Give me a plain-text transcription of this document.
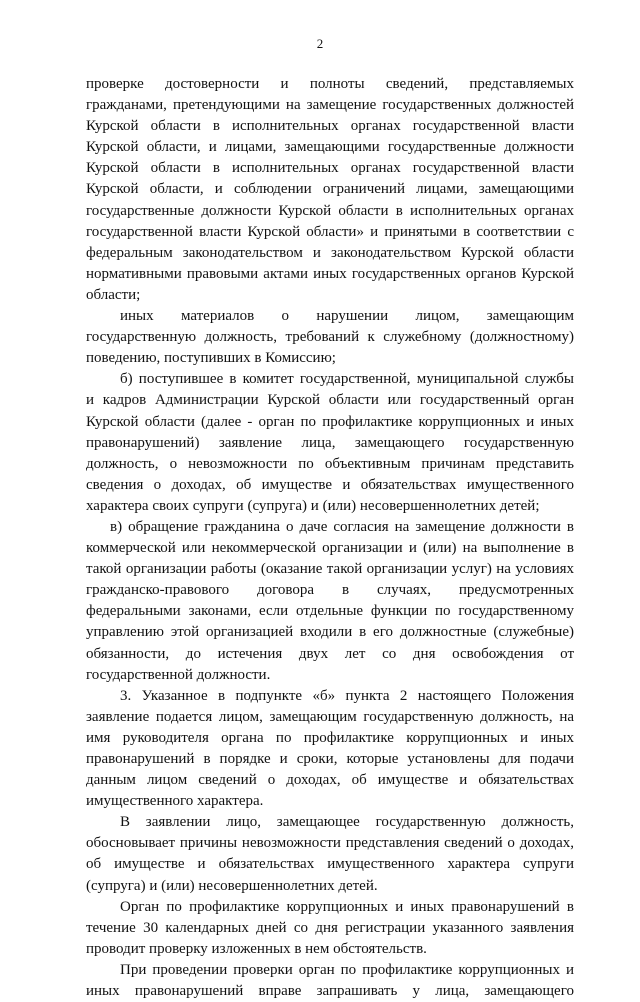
2
проверке достоверности и полноты сведений, представляемых
гражданами, претендующими на замещение государственных должностей
Курской области в исполнительных органах государственной власти
Курской области, и лицами, замещающими государственные должности
Курской области в исполнительных органах государственной власти
Курской области, и соблюдении ограничений лицами, замещающими
государственные должности Курской области в исполнительных органах
государственной власти Курской области» и принятыми в соответствии с
федеральным законодательством и законодательством Курской области
нормативными правовыми актами иных государственных органов Курской
области;
иных материалов о нарушении лицом, замещающим
государственную должность, требований к служебному (должностному)
поведению, поступивших в Комиссию;
б) поступившее в комитет государственной, муниципальной службы
и кадров Администрации Курской области или государственный орган
Курской области (далее - орган по профилактике коррупционных и иных
правонарушений) заявление лица, замещающего государственную
должность, о невозможности по объективным причинам представить
сведения о доходах, об имуществе и обязательствах имущественного
характера своих супруги (супруга) и (или) несовершеннолетних детей;
в) обращение гражданина о даче согласия на замещение должности в
коммерческой или некоммерческой организации и (или) на выполнение в
такой организации работы (оказание такой организации услуг) на условиях
гражданско-правового договора в случаях, предусмотренных
федеральными законами, если отдельные функции по государственному
управлению этой организацией входили в его должностные (служебные)
обязанности, до истечения двух лет со дня освобождения от
государственной должности.
3. Указанное в подпункте «б» пункта 2 настоящего Положения
заявление подается лицом, замещающим государственную должность, на
имя руководителя органа по профилактике коррупционных и иных
правонарушений в порядке и сроки, которые установлены для подачи
данным лицом сведений о доходах, об имуществе и обязательствах
имущественного характера.
В заявлении лицо, замещающее государственную должность,
обосновывает причины невозможности представления сведений о доходах,
об имуществе и обязательствах имущественного характера супруги
(супруга) и (или) несовершеннолетних детей.
Орган по профилактике коррупционных и иных правонарушений в
течение 30 календарных дней со дня регистрации указанного заявления
проводит проверку изложенных в нем обстоятельств.
При проведении проверки орган по профилактике коррупционных и
иных правонарушений вправе запрашивать у лица, замещающего
